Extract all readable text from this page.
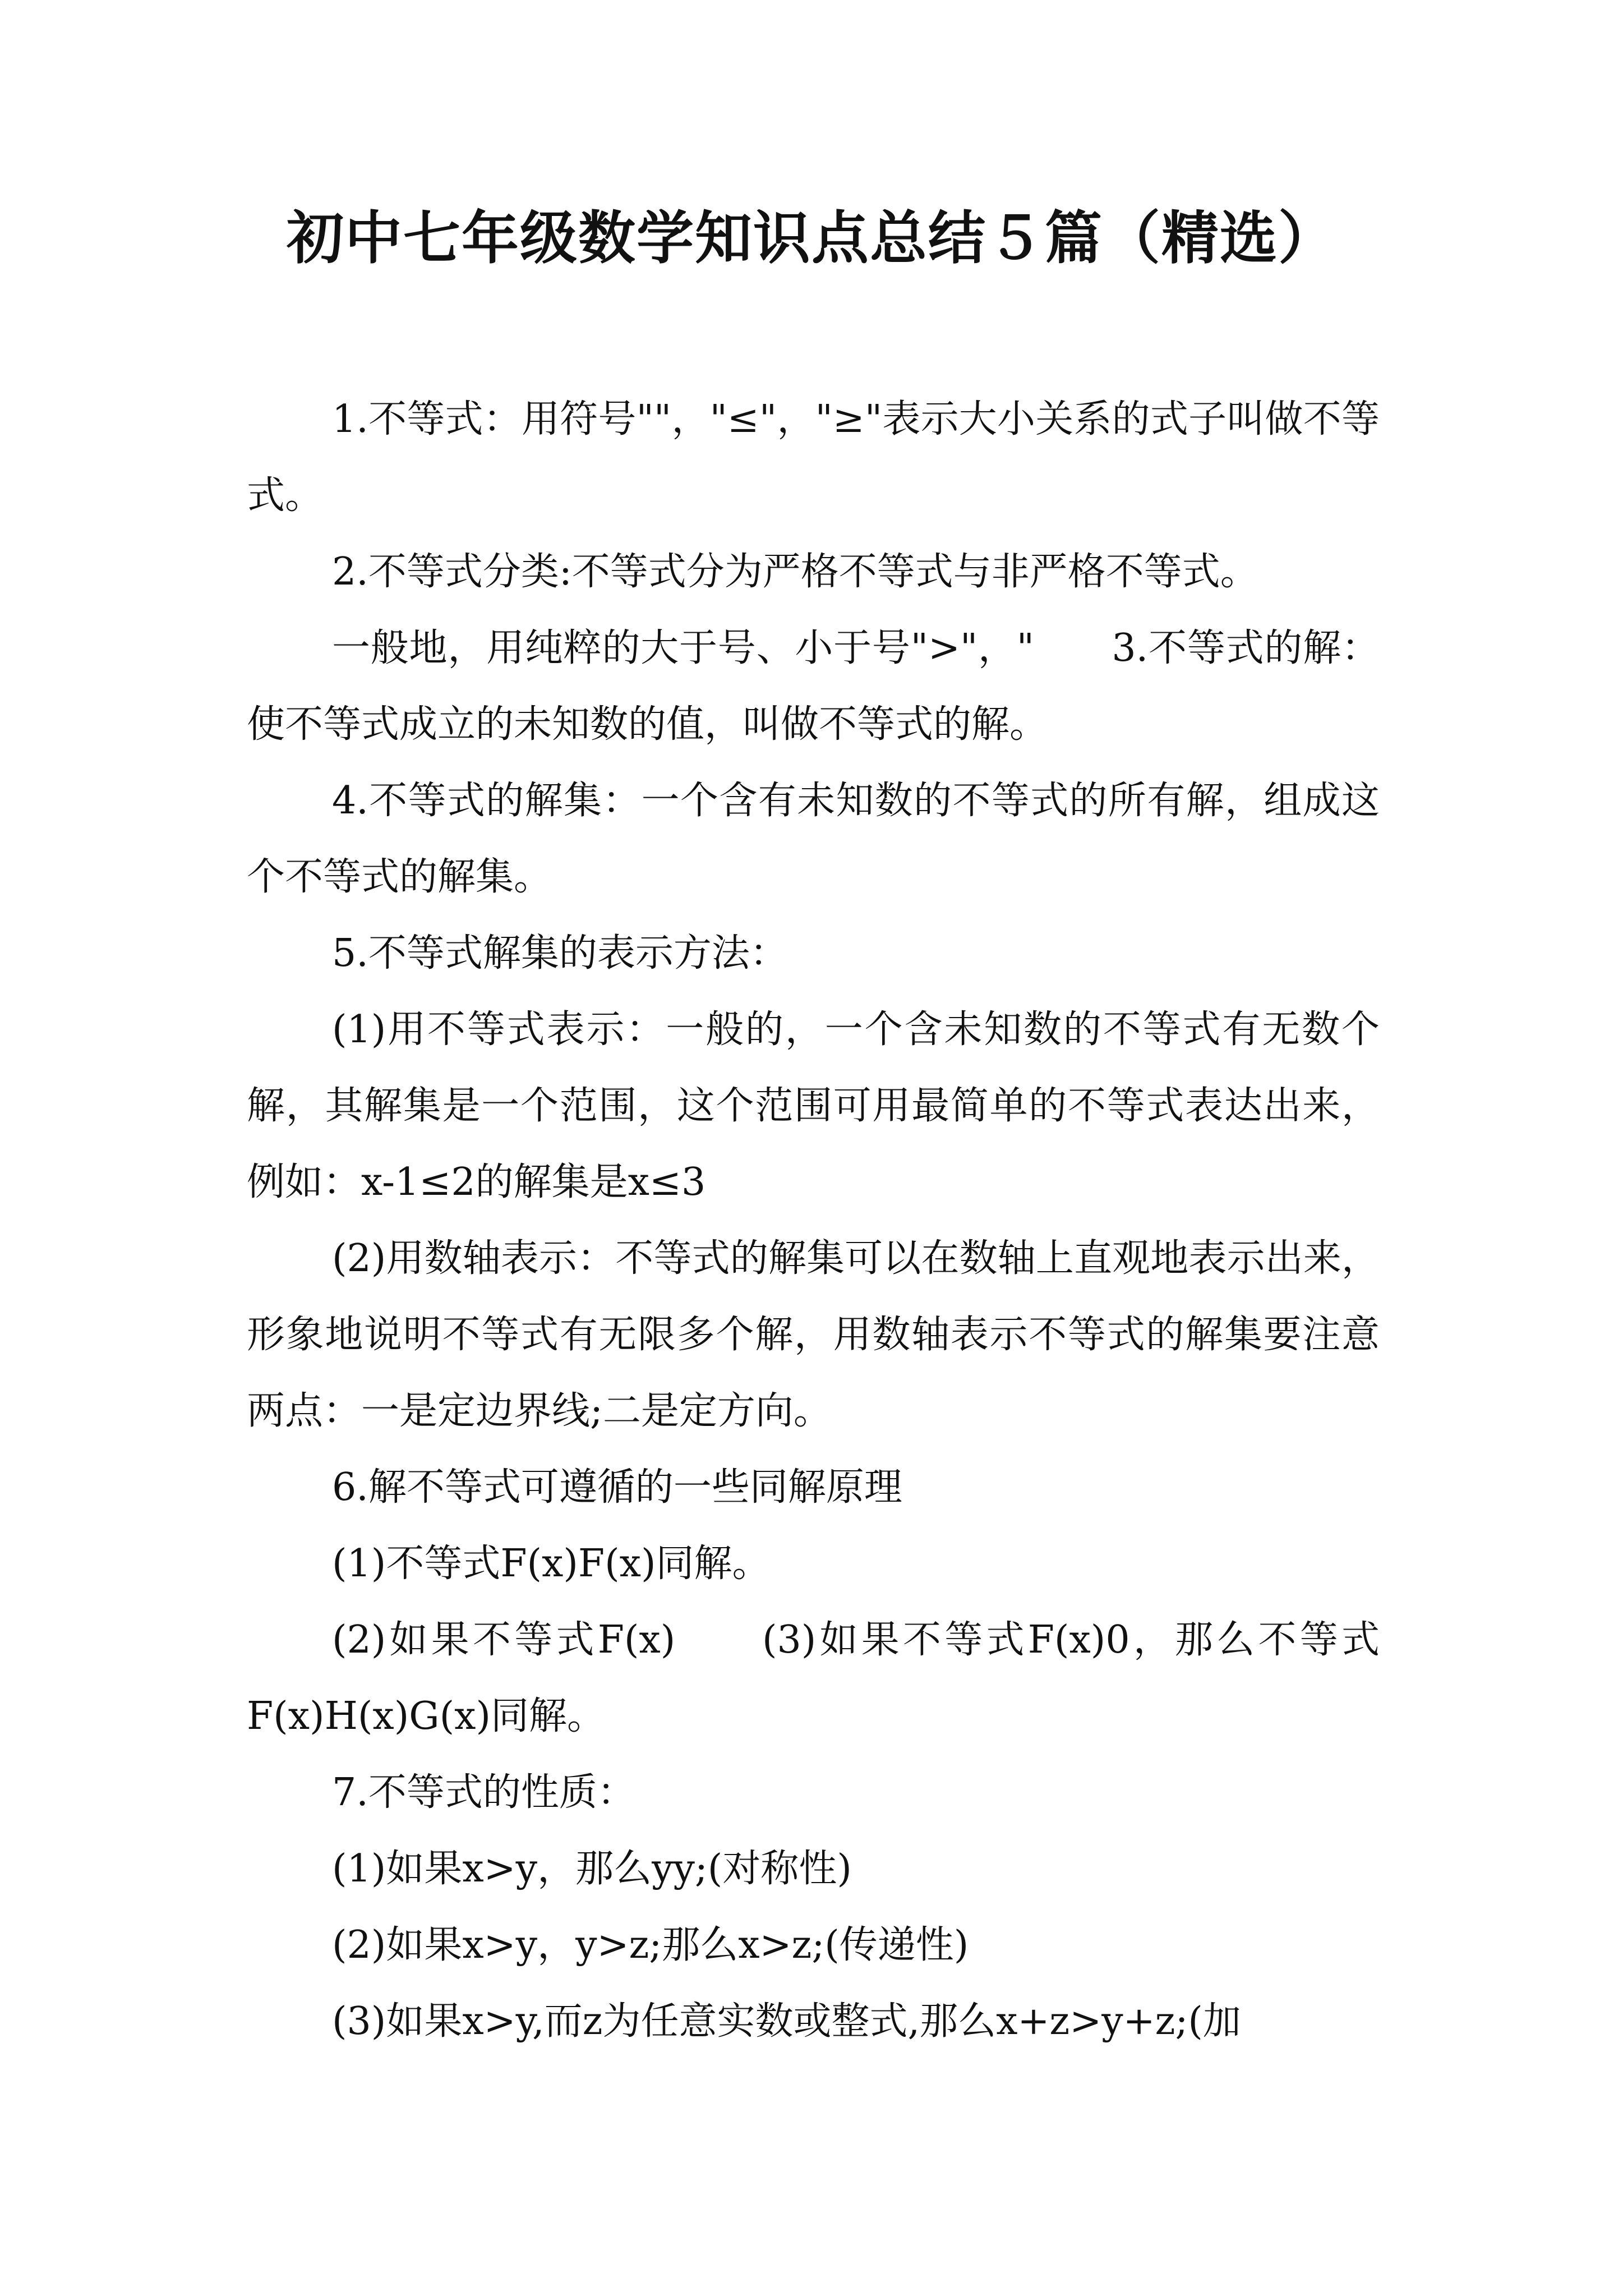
初中七年级数学知识点总结５篇（精选）

1.不等式：用符号""，"≤"，"≥"表示大小关系的式子叫做不等式。

2.不等式分类:不等式分为严格不等式与非严格不等式。

一般地，用纯粹的大于号、小于号">"，"　　3.不等式的解：使不等式成立的未知数的值，叫做不等式的解。

4.不等式的解集：一个含有未知数的不等式的所有解，组成这个不等式的解集。

5.不等式解集的表示方法：

(1)用不等式表示：一般的，一个含未知数的不等式有无数个解，其解集是一个范围，这个范围可用最简单的不等式表达出来，例如：x-1≤2的解集是x≤3

(2)用数轴表示：不等式的解集可以在数轴上直观地表示出来，形象地说明不等式有无限多个解，用数轴表示不等式的解集要注意两点：一是定边界线;二是定方向。

6.解不等式可遵循的一些同解原理

(1)不等式F(x)F(x)同解。

(2)如果不等式F(x)　　(3)如果不等式F(x)0，那么不等式F(x)H(x)G(x)同解。

7.不等式的性质：

(1)如果x>y，那么yy;(对称性)

(2)如果x>y，y>z;那么x>z;(传递性)

(3)如果x>y,而z为任意实数或整式,那么x+z>y+z;(加
